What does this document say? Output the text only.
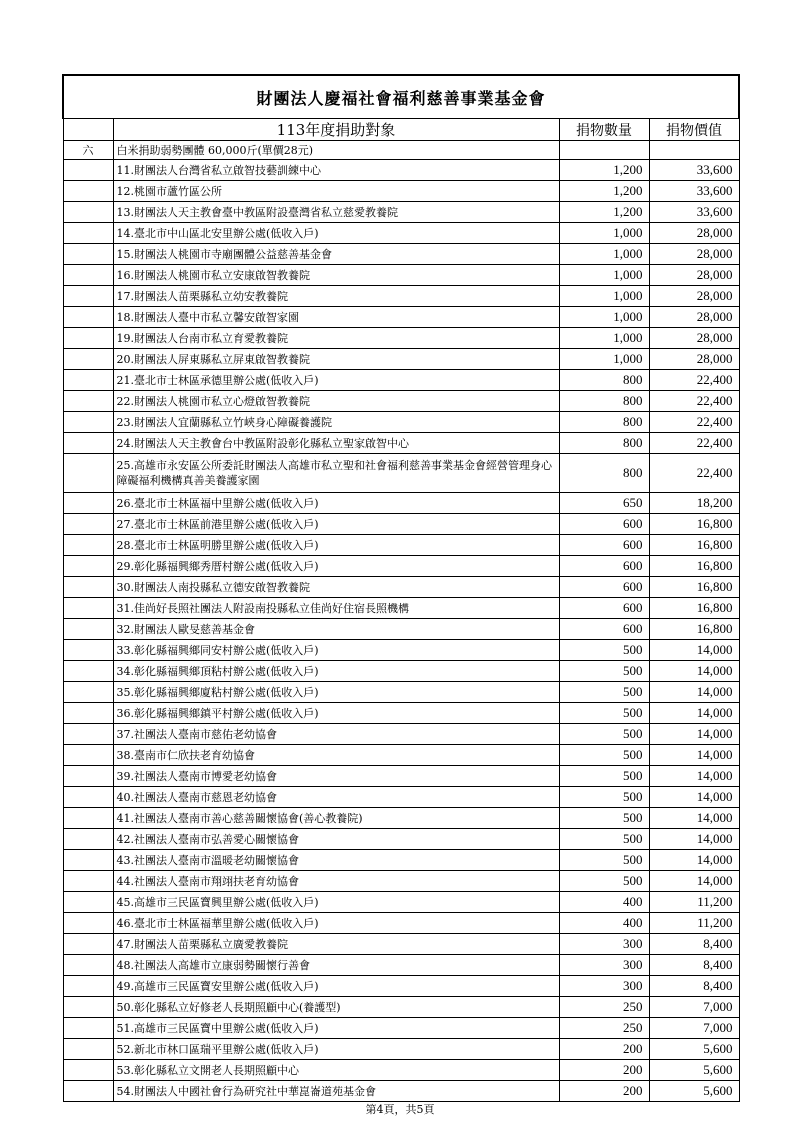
財團法人慶福社會福利慈善事業基金會			
	113年度捐助對象	捐物數量	捐物價值
六	白米捐助弱勢團體 60,000斤(單價28元)		
	11.財團法人台灣省私立啟智技藝訓練中心	1,200	33,600
	12.桃園市蘆竹區公所	1,200	33,600
	13.財團法人天主教會臺中教區附設臺灣省私立慈愛教養院	1,200	33,600
	14.臺北市中山區北安里辦公處(低收入戶)	1,000	28,000
	15.財團法人桃園市寺廟團體公益慈善基金會	1,000	28,000
	16.財團法人桃園市私立安康啟智教養院	1,000	28,000
	17.財團法人苗栗縣私立幼安教養院	1,000	28,000
	18.財團法人臺中市私立馨安啟智家園	1,000	28,000
	19.財團法人台南市私立育愛教養院	1,000	28,000
	20.財團法人屏東縣私立屏東啟智教養院	1,000	28,000
	21.臺北市士林區承德里辦公處(低收入戶)	800	22,400
	22.財團法人桃園市私立心燈啟智教養院	800	22,400
	23.財團法人宜蘭縣私立竹峽身心障礙養護院	800	22,400
	24.財團法人天主教會台中教區附設彰化縣私立聖家啟智中心	800	22,400
	25.高雄市永安區公所委託財團法人高雄市私立聖和社會福利慈善事業基金會經營管理身心障礙福利機構真善美養護家園	800	22,400
	26.臺北市士林區福中里辦公處(低收入戶)	650	18,200
	27.臺北市士林區前港里辦公處(低收入戶)	600	16,800
	28.臺北市士林區明勝里辦公處(低收入戶)	600	16,800
	29.彰化縣福興鄉秀厝村辦公處(低收入戶)	600	16,800
	30.財團法人南投縣私立德安啟智教養院	600	16,800
	31.佳尚好長照社團法人附設南投縣私立佳尚好住宿長照機構	600	16,800
	32.財團法人歐旻慈善基金會	600	16,800
	33.彰化縣福興鄉同安村辦公處(低收入戶)	500	14,000
	34.彰化縣福興鄉頂粘村辦公處(低收入戶)	500	14,000
	35.彰化縣福興鄉廈粘村辦公處(低收入戶)	500	14,000
	36.彰化縣福興鄉鎮平村辦公處(低收入戶)	500	14,000
	37.社團法人臺南市慈佑老幼協會	500	14,000
	38.臺南市仁欣扶老育幼協會	500	14,000
	39.社團法人臺南市博愛老幼協會	500	14,000
	40.社團法人臺南市慈恩老幼協會	500	14,000
	41.社團法人臺南市善心慈善關懷協會(善心教養院)	500	14,000
	42.社團法人臺南市弘善愛心關懷協會	500	14,000
	43.社團法人臺南市溫暖老幼關懷協會	500	14,000
	44.社團法人臺南市翔翊扶老育幼協會	500	14,000
	45.高雄市三民區寶興里辦公處(低收入戶)	400	11,200
	46.臺北市士林區福華里辦公處(低收入戶)	400	11,200
	47.財團法人苗栗縣私立廣愛教養院	300	8,400
	48.社團法人高雄市立康弱勢關懷行善會	300	8,400
	49.高雄市三民區寶安里辦公處(低收入戶)	300	8,400
	50.彰化縣私立好修老人長期照顧中心(養護型)	250	7,000
	51.高雄市三民區寶中里辦公處(低收入戶)	250	7,000
	52.新北市林口區瑞平里辦公處(低收入戶)	200	5,600
	53.彰化縣私立文開老人長期照顧中心	200	5,600
	54.財團法人中國社會行為研究社中華崑崙道苑基金會	200	5,600
第4頁，共5頁
